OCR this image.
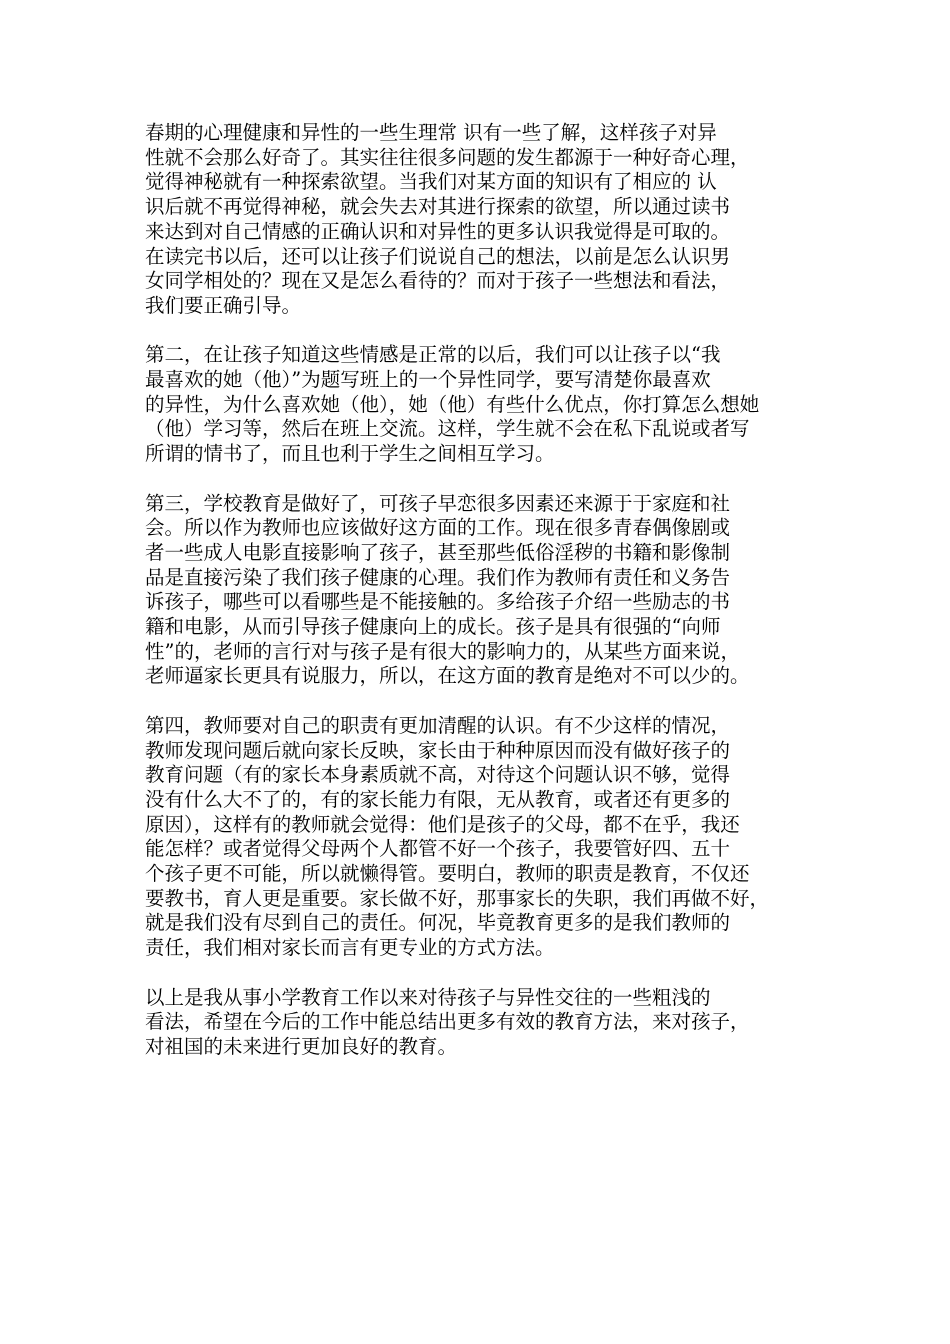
春期的心理健康和异性的一些生理常 识有一些了解，这样孩子对异
性就不会那么好奇了。其实往往很多问题的发生都源于一种好奇心理，
觉得神秘就有一种探索欲望。当我们对某方面的知识有了相应的 认
识后就不再觉得神秘，就会失去对其进行探索的欲望，所以通过读书
来达到对自己情感的正确认识和对异性的更多认识我觉得是可取的。
在读完书以后，还可以让孩子们说说自己的想法，以前是怎么认识男
女同学相处的？现在又是怎么看待的？而对于孩子一些想法和看法，
我们要正确引导。

第二，在让孩子知道这些情感是正常的以后，我们可以让孩子以“我
最喜欢的她（他）”为题写班上的一个异性同学，要写清楚你最喜欢
的异性，为什么喜欢她（他），她（他）有些什么优点，你打算怎么想她
（他）学习等，然后在班上交流。这样，学生就不会在私下乱说或者写
所谓的情书了，而且也利于学生之间相互学习。

第三，学校教育是做好了，可孩子早恋很多因素还来源于于家庭和社
会。所以作为教师也应该做好这方面的工作。现在很多青春偶像剧或
者一些成人电影直接影响了孩子，甚至那些低俗淫秽的书籍和影像制
品是直接污染了我们孩子健康的心理。我们作为教师有责任和义务告
诉孩子，哪些可以看哪些是不能接触的。多给孩子介绍一些励志的书
籍和电影，从而引导孩子健康向上的成长。孩子是具有很强的“向师
性”的，老师的言行对与孩子是有很大的影响力的，从某些方面来说，
老师逼家长更具有说服力，所以，在这方面的教育是绝对不可以少的。

第四，教师要对自己的职责有更加清醒的认识。有不少这样的情况，
教师发现问题后就向家长反映，家长由于种种原因而没有做好孩子的
教育问题（有的家长本身素质就不高，对待这个问题认识不够，觉得
没有什么大不了的，有的家长能力有限，无从教育，或者还有更多的
原因），这样有的教师就会觉得：他们是孩子的父母，都不在乎，我还
能怎样？或者觉得父母两个人都管不好一个孩子，我要管好四、五十
个孩子更不可能，所以就懒得管。要明白，教师的职责是教育，不仅还
要教书，育人更是重要。家长做不好，那事家长的失职，我们再做不好，
就是我们没有尽到自己的责任。何况，毕竟教育更多的是我们教师的
责任，我们相对家长而言有更专业的方式方法。

以上是我从事小学教育工作以来对待孩子与异性交往的一些粗浅的
看法，希望在今后的工作中能总结出更多有效的教育方法，来对孩子，
对祖国的未来进行更加良好的教育。
